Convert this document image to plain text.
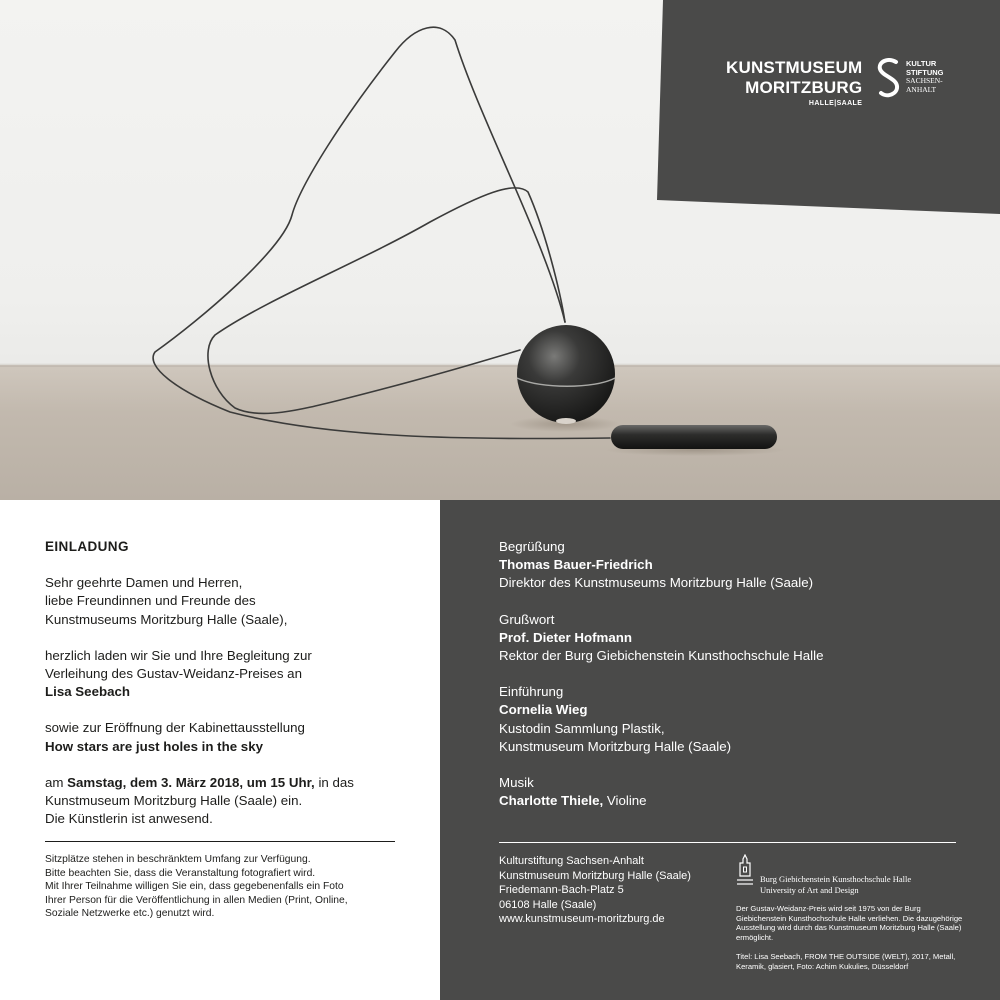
KUNSTMUSEUM
MORITZBURG
HALLE|SAALE
KULTUR
STIFTUNG
SACHSEN-
ANHALT

EINLADUNG

Sehr geehrte Damen und Herren,

liebe Freundinnen und Freunde des

Kunstmuseums Moritzburg Halle (Saale),

herzlich laden wir Sie und Ihre Begleitung zur

Verleihung des Gustav-Weidanz-Preises an

Lisa Seebach

sowie zur Eröffnung der Kabinettausstellung

How stars are just holes in the sky

am Samstag, dem 3. März 2018, um 15 Uhr, in das

Kunstmuseum Moritzburg Halle (Saale) ein.

Die Künstlerin ist anwesend.

Sitzplätze stehen in beschränktem Umfang zur Verfügung.

Bitte beachten Sie, dass die Veranstaltung fotografiert wird.

Mit Ihrer Teilnahme willigen Sie ein, dass gegebenenfalls ein Foto

Ihrer Person für die Veröffentlichung in allen Medien (Print, Online,

Soziale Netzwerke etc.) genutzt wird.

Begrüßung

Thomas Bauer-Friedrich

Direktor des Kunstmuseums Moritzburg Halle (Saale)

Grußwort

Prof. Dieter Hofmann

Rektor der Burg Giebichenstein Kunsthochschule Halle

Einführung

Cornelia Wieg

Kustodin Sammlung Plastik,

Kunstmuseum Moritzburg Halle (Saale)

Musik

Charlotte Thiele, Violine

Kulturstiftung Sachsen-Anhalt
Kunstmuseum Moritzburg Halle (Saale)
Friedemann-Bach-Platz 5
06108 Halle (Saale)
www.kunstmuseum-moritzburg.de
Burg Giebichenstein Kunsthochschule Halle
University of Art and Design
Der Gustav-Weidanz-Preis wird seit 1975 von der Burg Giebichenstein Kunsthochschule Halle verliehen. Die dazugehörige Ausstellung wird durch das Kunstmuseum Moritzburg Halle (Saale) ermöglicht.
Titel: Lisa Seebach, FROM THE OUTSIDE (WELT), 2017, Metall, Keramik, glasiert, Foto: Achim Kukulies, Düsseldorf
